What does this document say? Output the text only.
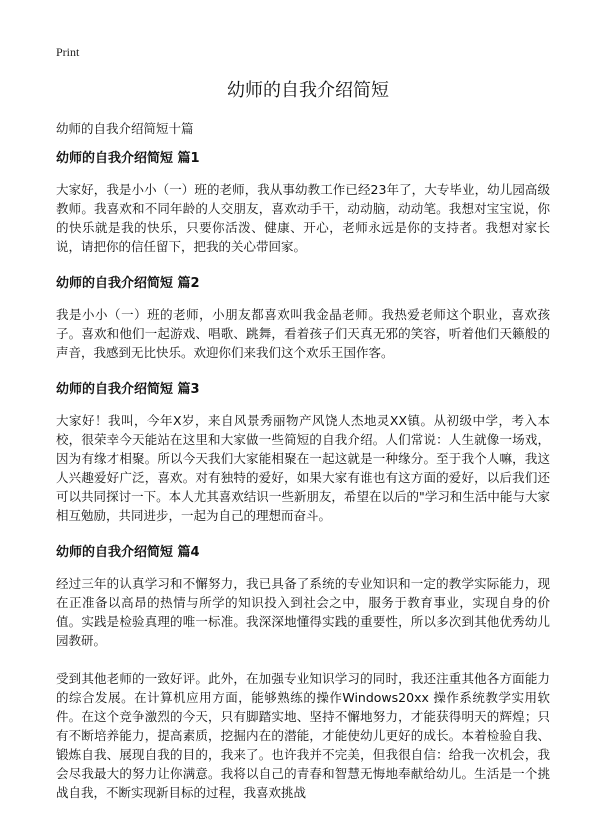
Print
幼师的自我介绍简短
幼师的自我介绍简短十篇
幼师的自我介绍简短 篇1

大家好，我是小小（一）班的老师，我从事幼教工作已经23年了，大专毕业，幼儿园高级教师。我喜欢和不同年龄的人交朋友，喜欢动手干，动动脑，动动笔。我想对宝宝说，你的快乐就是我的快乐，只要你活泼、健康、开心，老师永远是你的支持者。我想对家长说，请把你的信任留下，把我的关心带回家。

幼师的自我介绍简短 篇2

我是小小（一）班的老师，小朋友都喜欢叫我金晶老师。我热爱老师这个职业，喜欢孩子。喜欢和他们一起游戏、唱歌、跳舞，看着孩子们天真无邪的笑容，听着他们天籁般的声音，我感到无比快乐。欢迎你们来我们这个欢乐王国作客。

幼师的自我介绍简短 篇3

大家好！我叫，今年X岁，来自风景秀丽物产风饶人杰地灵XX镇。从初级中学，考入本校，很荣幸今天能站在这里和大家做一些简短的自我介绍。人们常说：人生就像一场戏，因为有缘才相聚。所以今天我们大家能相聚在一起这就是一种缘分。至于我个人嘛，我这人兴趣爱好广泛，喜欢。对有独特的爱好，如果大家有谁也有这方面的爱好，以后我们还可以共同探讨一下。本人尤其喜欢结识一些新朋友，希望在以后的"学习和生活中能与大家相互勉励，共同进步，一起为自己的理想而奋斗。

幼师的自我介绍简短 篇4

经过三年的认真学习和不懈努力，我已具备了系统的专业知识和一定的教学实际能力，现在正准备以高昂的热情与所学的知识投入到社会之中，服务于教育事业，实现自身的价值。实践是检验真理的唯一标准。我深深地懂得实践的重要性，所以多次到其他优秀幼儿园教研。

受到其他老师的一致好评。此外，在加强专业知识学习的同时，我还注重其他各方面能力的综合发展。在计算机应用方面，能够熟练的操作Windows20xx 操作系统教学实用软件。在这个竞争激烈的今天，只有脚踏实地、坚持不懈地努力，才能获得明天的辉煌；只有不断培养能力，提高素质，挖掘内在的潜能，才能使幼儿更好的成长。本着检验自我、锻炼自我、展现自我的目的，我来了。也许我并不完美，但我很自信：给我一次机会，我会尽我最大的努力让你满意。我将以自己的青春和智慧无悔地奉献给幼儿。生活是一个挑战自我，不断实现新目标的过程，我喜欢挑战
